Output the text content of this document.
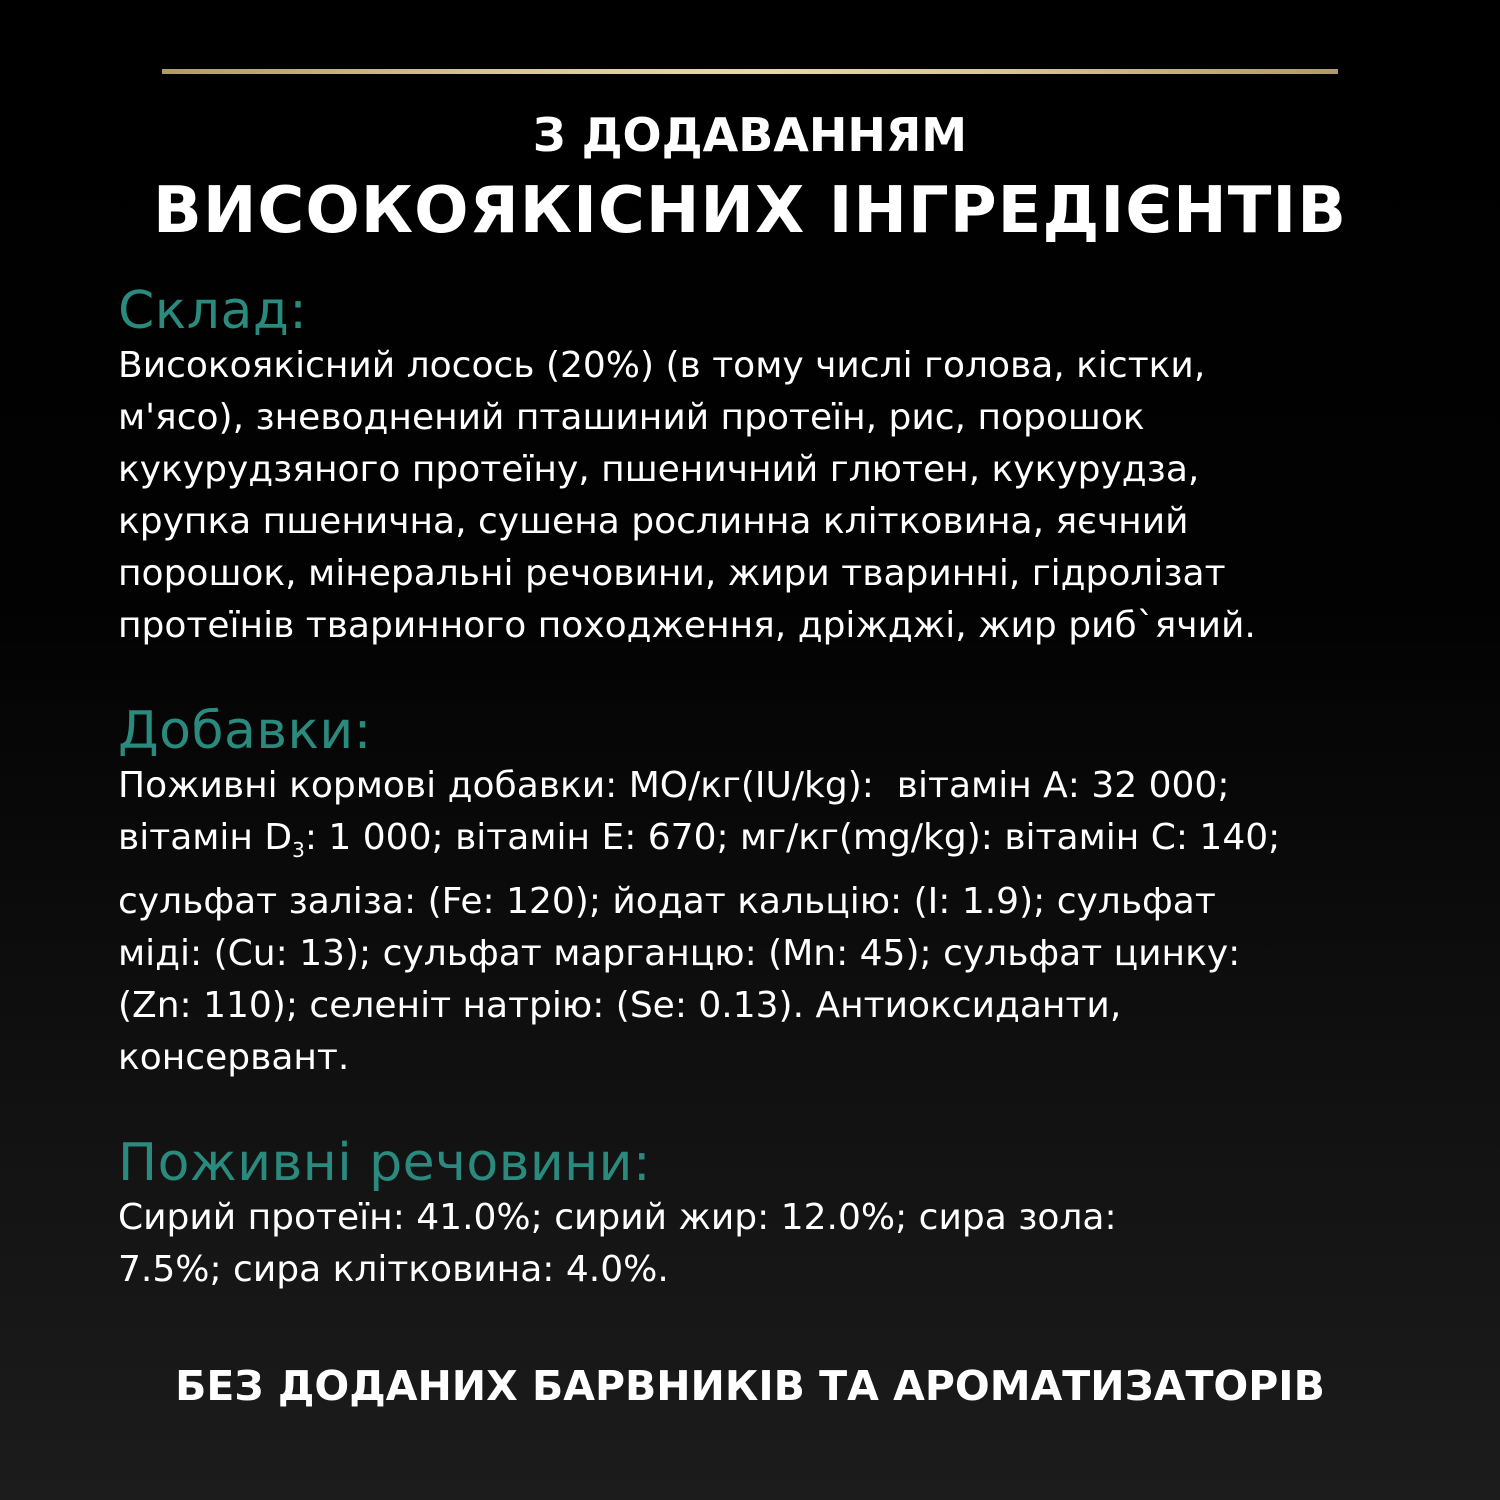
З ДОДАВАННЯМ
ВИСОКОЯКІСНИХ ІНГРЕДІЄНТІВ
Склад:
Високоякісний лосось (20%) (в тому числі голова, кістки,
м'ясо), зневоднений пташиний протеїн, рис, порошок
кукурудзяного протеїну, пшеничний глютен, кукурудза,
крупка пшенична, сушена рослинна клітковина, яєчний
порошок, мінеральні речовини, жири тваринні, гідролізат
протеїнів тваринного походження, дріжджі, жир риб`ячий.
Добавки:
Поживні кормові добавки: МО/кг(IU/kg):  вітамін А: 32 000;
вітамін $D_3$: 1 000; вітамін Е: 670; мг/кг(mg/kg): вітамін С: 140;
сульфат заліза: (Fe: 120); йодат кальцію: (I: 1.9); сульфат
міді: (Cu: 13); сульфат марганцю: (Mn: 45); сульфат цинку:
(Zn: 110); селеніт натрію: (Se: 0.13). Антиоксиданти,
консервант.
Поживні речовини:
Сирий протеїн: 41.0%; сирий жир: 12.0%; сира зола:
7.5%; сира клітковина: 4.0%.
БЕЗ ДОДАНИХ БАРВНИКІВ ТА АРОМАТИЗАТОРІВ
